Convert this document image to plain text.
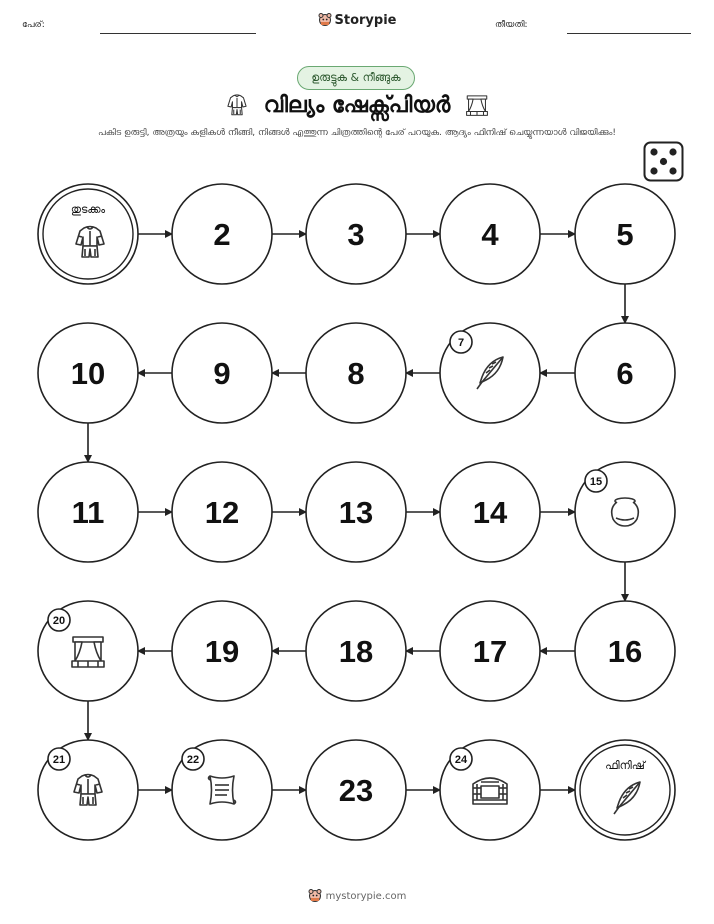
പേര്:	Storypie	തീയതി:
ഉരുട്ടുക & നീങ്ങുക
വില്യം ഷേക്സ്പിയർ
പകിട ഉരുട്ടി, അത്രയും കളികൾ നീങ്ങി, നിങ്ങൾ എത്തുന്ന ചിത്രത്തിന്റെ പേര് പറയുക. ആദ്യം ഫിനിഷ് ചെയ്യുന്നയാൾ വിജയിക്കും!
തുടക്കം
2	3	4	5
6
7
8
9
10
11	12	13	14
15
16
17
18
19
20
21	22
23
24	ഫിനിഷ്
mystorypie.com
